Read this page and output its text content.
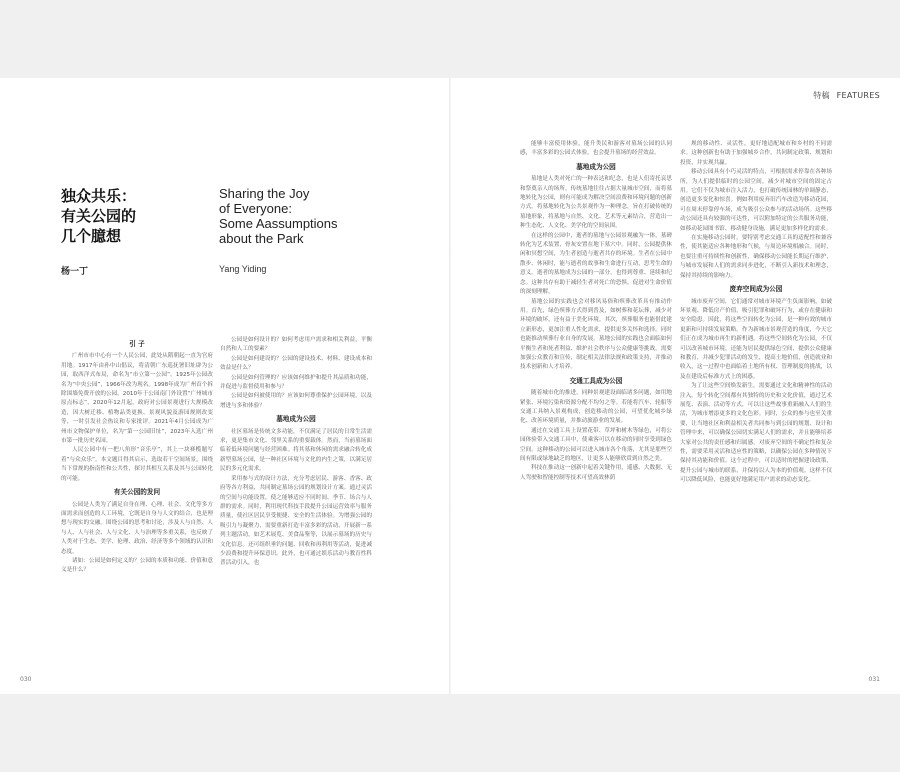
特稿 FEATURES
独众共乐：
有关公园的
几个臆想
Sharing the Joy
of Everyone:
Some Aassumptions
about the Park
杨一丁	Yang Yiding
引 子

广州市市中心有一个人民公园，此处从隋朝起一直为官府用地。1917年由孙中山倡议，将清朝广东巡抚署旧址辟为公园，取西洋式布局，命名为“市立第一公园”。1925年公园改名为“中央公园”，1966年改为现名。1998年成为广州首个拆除围墙免费开放的公园，2010年于公园南门外设置“广州城市原点标志”，2020年12月起，政府对公园景观进行大规模改造，因大树迁移、植物品类更换、景观风貌及游园规则改变等，一时引发社会热议和专家批评。2021年4月公园成为广州市文物保护单位，名为“第一公园旧址”，2023年入选广州市第一批历史名园。

人民公园中有一把八角形“音乐亭”，其上一块赛榄题写着“与众众乐”。本文题目得其启示，选取若干空间场景，围绕当下常规的指南性和公共性，探讨其相互关系及其与公园转化的可能。

有关公园的发问

公园是人类为了满足自身在理、心理、社会、文化等多方面需求而创造的人工环境，它既是自身与人文的结合，也是理想与现实的交融。围绕公园的思考和讨论，涉及人与自然、人与人、人与社会、人与文化、人与治理等多重关系，也反映了人类对于生态、美学、伦理、政治、经济等多个领域的认识和态度。

诸如：公园是如何定义的？公园的本质和功能、价值和意义是什么？

公园是如何设计的？如何考虑用户需求和相关利益，平衡自然和人工的要素？

公园是如何建设的？公园的建设技术、材料、建设成本和效益是什么？

公园是如何管理的？应该如何维护和提升其品质和功能，并促进与监督使用和参与？

公园是如何被使用的？应该如何尊重保护公园环境，以及增进与多和体验？

墓地成为公园

社区墓场是传统文多功能，不仅满足了居民的日常生活需求，更是集市文化、邻里关系的重要载体。然而，当前墓场面临着低环境问题与经营困难。将其墓和休闲的需求融合转化成新型墓场公园，是一种社区环境与文化的内生之策，以满足居民的多元化需求。

采用参与式的设计方法，充分考虑居民、游客、香客、政府等各方利益，共同制定墓场公园的规划设计方案。通过灵活的空间与功能设置，使之能够适应不同时间、季节、场合与人群的需求。同时，利用现代科技手段提升公园运营效率与服务质量，使社区居民享受便捷、安全的生活体验。为增强公园的吸引力与凝聚力，需要重新打造丰富多彩的活动，开展新一系列主题活动，如艺术展览、美食品鉴等，以展示墓场的历史与文化信息。还可组织垂钓问题、回收和再利用等活动，促进减少浪费和提升环保意识。此外，也可通过娱乐活动与教育性科普活动引入，也

能够丰富使用体验，能升类民和游客对墓场公园的认同感，丰富多彩的公园式体验，也会提升墓场的经营效益。

墓地成为公园

墓地是人类对死亡的一种表达和纪念，也是人们寄托哀思和祭奠亲人的场所。传统墓地往往占据大量城市空间，而将墓地转化为公园，则有可能成为解决空间浪费和环境问题的创新方式。将墓地转化为公共景观作为一种理念，旨在打破传统的墓地形象，将墓地与自然、文化、艺术等元素结合，营造出一种生态化、人文化、美学化的空间氛围。

在这样的公园中，逝者的墓地与公园景观融为一体，墓碑转化为艺术装置，骨灰安置在地下墓穴中。同时，公园提供休闲和冥想空间，为生者创造与逝者共存的环境。生者在公园中散步、休闲时，能与逝者的故事和生命进行互动，思考生命的意义。逝者的墓地成为公园的一部分，也得到尊重、延续和纪念。这种共存有助于减轻生者对死亡的恐惧，促进对生命价值的深刻理解。

墓地公园的实践也会对移风易俗和殡葬改革具有推动作用。首先，绿色殡葬方式得到普及，如树葬和花坛葬，减少对环境的破坏，还有益于美化环境。其次，殡葬服务也能借此建立新形态，更加注重人性化需求，提供更多关怀和选择。同时也能推动殡葬行业自身的发展。墓地公园的实践也会面临如何平衡生者和死者利益、维护社会秩序与公众健康等挑战，需要加强公众教育和宣传，制定相关法律法规和政策支持，并推动技术创新和人才培养。

交通工具成为公园

随着城市化的推进，同种景观建设面临诸多问题，如用地紧张、环境污染和资源分配不均匀之等。若能将汽车、轮船等交通工具纳入景观构成，创造移动的公园，可望优化城乡绿化、改善环境质量，并推动旅游业的发展。

通过在交通工具上设置花带、草坪和树木等绿色，可将公园体验带入交通工具中，使乘客可以在移动的同时享受到绿色空间。这种移动的公园可以进入城市各个角落，尤其是那些空间有限或绿地缺乏的地区，让更多人能够欣赏到自然之美。

科技在推动这一创新中起着关键作用，遥感、大数据、无人驾驶和智能控制等技术可望高效林荫

规的移动性、灵活性，更好地适配城市和乡村的不同需求。这种创新也有助于加强城乡合作，共同制定政策、规划和投资，并实现共赢。

移动公园具有小巧灵活的特点，可根据需求停靠在各种场所，为人们提供临时的公园空间，减少对城市空间的固定占用。它们不仅为城市注入活力，也打破传统园林的单调静态，创造更多变化和惊喜。例如利用废弃旧汽车改造为移动花园，可在周末停靠停车场，成为吸引公众参与的活动场所。这些移动公园还具有较强的可达性，可以附加特定的公共服务功能，如移动花园图书馆、移动健身设施，满足更加多样化的需求。

在实施移动公园时，要特别考虑交通工具的适配性和兼容性，使其能适应各种地形和气候，与周边环境相融合。同时，也要注重可持续性和创新性，确保移动公园能长期运行维护，与城市发展和人们的需求同步进化，不断引入新技术和理念，保持其持续的影响力。

废弃空间成为公园

城市废弃空间，它们通常对城市环境产生负面影响，如破坏景观、降低房产价值，吸引犯罪和破坏行为，或存在健康和安全隐患。因此，将这些空间转化为公园，是一种有效的城市更新和可持续发展策略。作为新城市景观营造的角度，今天它们正在成为城市再生的新机遇。将这些空间转化为公园，不仅可以改善城市环境，还能为居民提供绿色空间，提供公众健康和教育，并减少犯罪活动的发生，提高土地价值，创造就业和收入，这一过程中也面临着土地所有权、管理制度的挑战，以及在建设后标准方式上的困惑。

为了让这些空间焕发新生，需要通过文化和精神性的活动注入。每个转化空间都有其独特的历史和文化价值，通过艺术展览、表演、活动等方式，可以让这些故事重新融入人们的生活，为城市增添更多的文化色彩。同时，公众的参与也至关重要，让当地社区和利益相关者共同参与到公园的规划、设计和管理中来，可以确保公园切实满足人们的需求，并且能够培养大家对公共的责任感和归属感。对废弃空间的不确定性和复杂性，需要采用灵活和适应性的策略，以确保公园在多种情况下保持其功能和价值。这个过程中，可以适时的把握建设政策，提升公园与城市的联系，并保持以人为本的价值观。这样不仅可以降低风险，也能更好地满足用户需求的动态变化。

030	031
